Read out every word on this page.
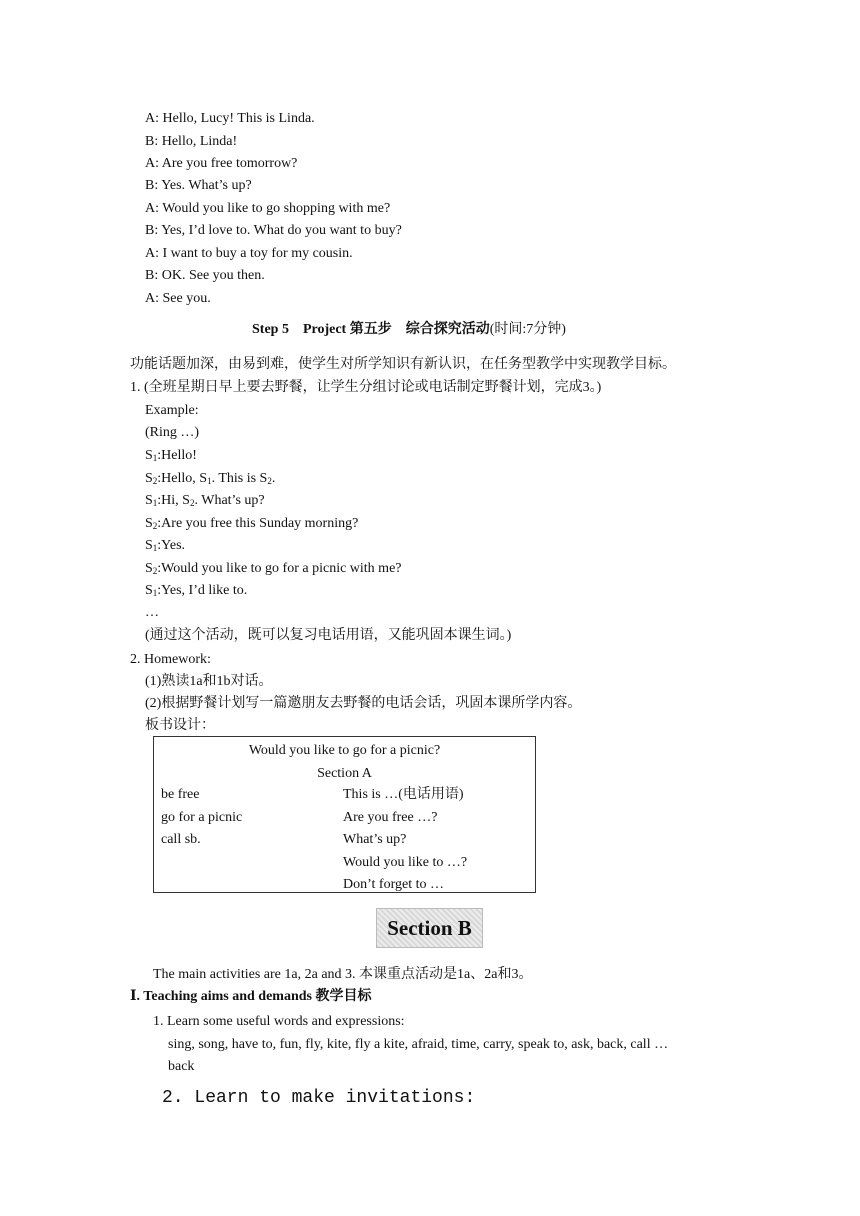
A: Hello, Lucy! This is Linda.
B: Hello, Linda!
A: Are you free tomorrow?
B: Yes. What’s up?
A: Would you like to go shopping with me?
B: Yes, I’d love to. What do you want to buy?
A: I want to buy a toy for my cousin.
B: OK. See you then.
A: See you.
Step 5　Project 第五步　综合探究活动(时间:7分钟)
功能话题加深，由易到难，使学生对所学知识有新认识，在任务型教学中实现教学目标。
1. (全班星期日早上要去野餐，让学生分组讨论或电话制定野餐计划，完成3。)
Example:
(Ring …)
$S_1:Hello$!
$S_2:Hello$, $S_1$. This is $S_2$.
$S_1:Hi$, $S_2$. What’s up?
$S_2:Are$ you free this Sunday morning?
$S_1:Yes$.
$S_2:Would$ you like to go for a picnic with me?
$S_1:Yes$, I’d like to.
…
(通过这个活动，既可以复习电话用语，又能巩固本课生词。)
2. Homework:
(1)熟读1a和1b对话。
(2)根据野餐计划写一篇邀朋友去野餐的电话会话，巩固本课所学内容。
板书设计：
Would you like to go for a picnic?
Section A
be free
go for a picnic
call sb.
This is …(电话用语)
Are you free …?
What’s up?
Would you like to …?
Don’t forget to …
Section B
The main activities are 1a, 2a and 3. 本课重点活动是1a、2a和3。
Ⅰ. Teaching aims and demands 教学目标
1. Learn some useful words and expressions:
sing, song, have to, fun, fly, kite, fly a kite, afraid, time, carry, speak to, ask, back, call …
back
2. Learn to make invitations:
